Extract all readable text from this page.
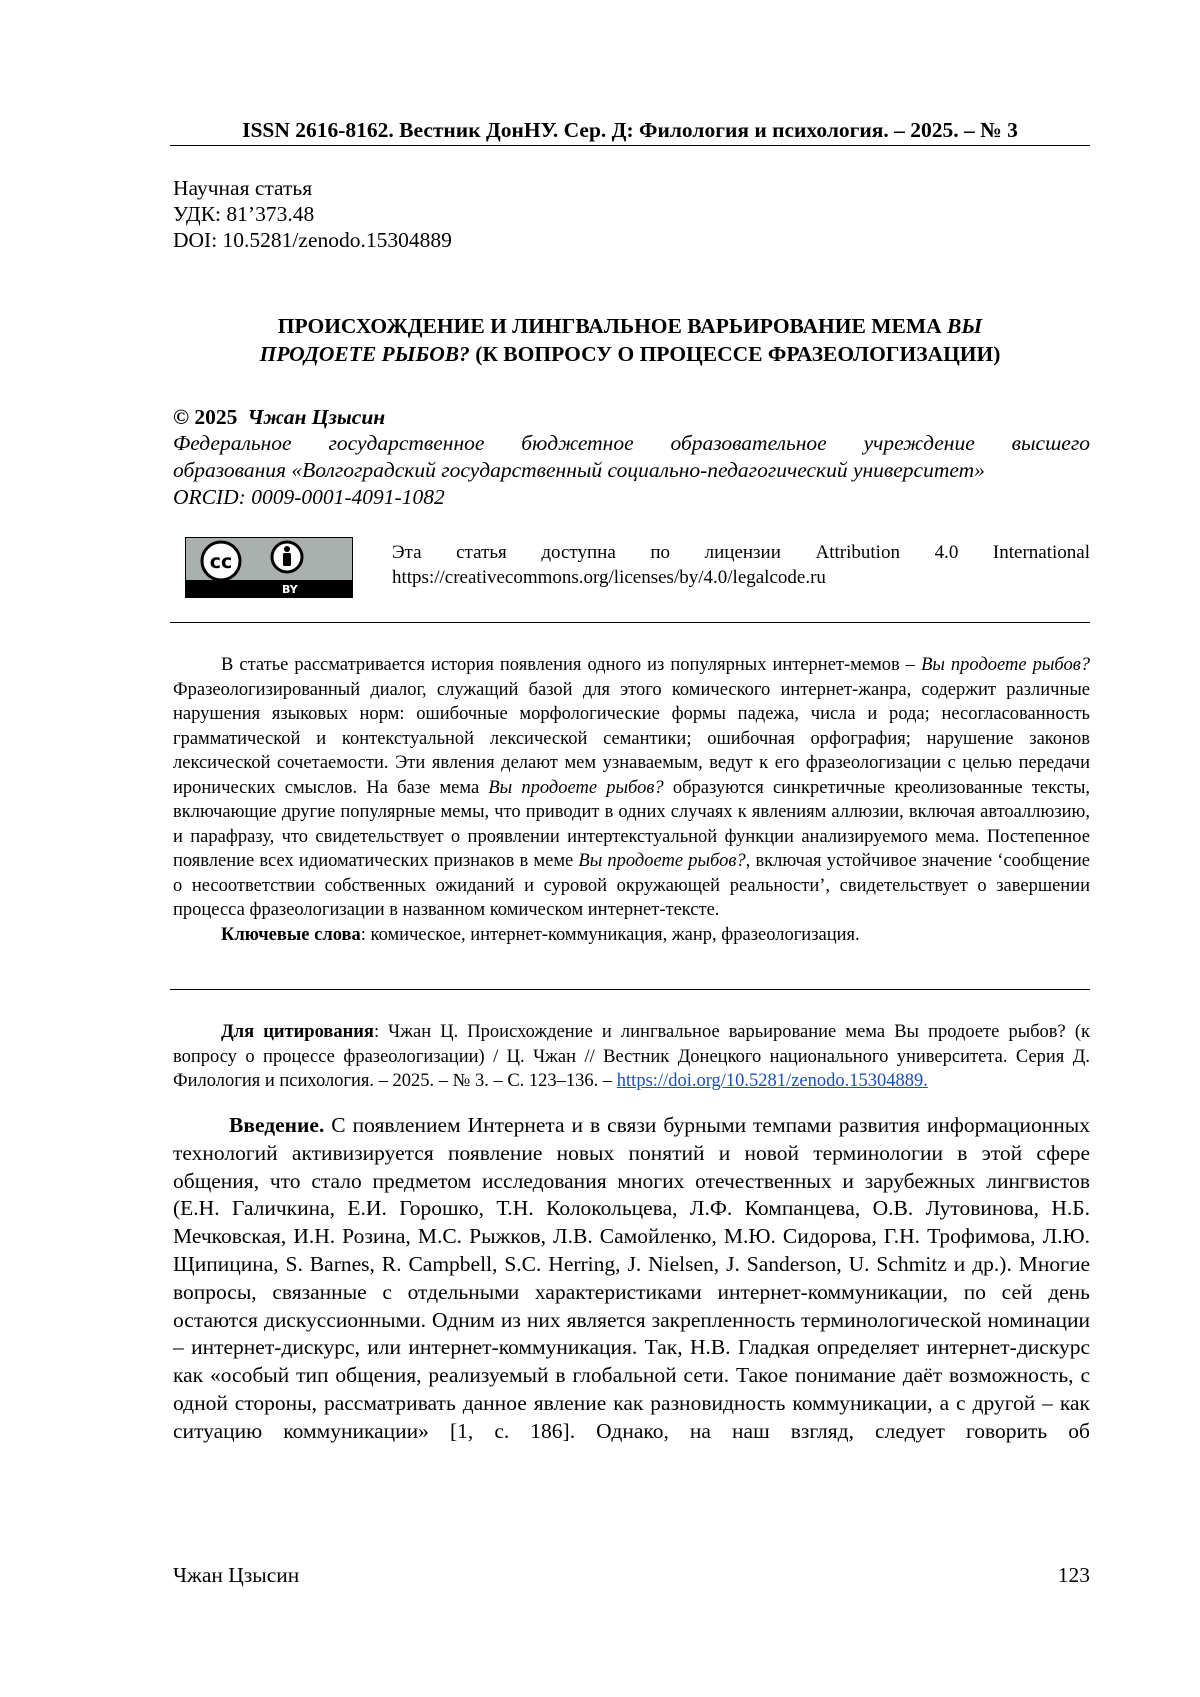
ISSN 2616-8162. Вестник ДонНУ. Сер. Д: Филология и психология. – 2025. – № 3
Научная статья
УДК: 81’373.48
DOI: 10.5281/zenodo.15304889
ПРОИСХОЖДЕНИЕ И ЛИНГВАЛЬНОЕ ВАРЬИРОВАНИЕ МЕМА ВЫ
ПРОДОЕТЕ РЫБОВ? (К ВОПРОСУ О ПРОЦЕССЕ ФРАЗЕОЛОГИЗАЦИИ)
© 2025 Чжан Цзысин
Федеральное государственное бюджетное образовательное учреждение высшего
образования «Волгоградский государственный социально-педагогический университет»
ORCID: 0009-0001-4091-1082
cc
BY
Эта статья доступна по лицензии Attribution 4.0 International
https://creativecommons.org/licenses/by/4.0/legalcode.ru

В статье рассматривается история появления одного из популярных интернет-мемов – Вы продоете рыбов? Фразеологизированный диалог, служащий базой для этого комического интернет-жанра, содержит различные нарушения языковых норм: ошибочные морфологические формы падежа, числа и рода; несогласованность грамматической и контекстуальной лексической семантики; ошибочная орфография; нарушение законов лексической сочетаемости. Эти явления делают мем узнаваемым, ведут к его фразеологизации с целью передачи иронических смыслов. На базе мема Вы продоете рыбов? образуются синкретичные креолизованные тексты, включающие другие популярные мемы, что приводит в одних случаях к явлениям аллюзии, включая автоаллюзию, и парафразу, что свидетельствует о проявлении интертекстуальной функции анализируемого мема. Постепенное появление всех идиоматических признаков в меме Вы продоете рыбов?, включая устойчивое значение ‘сообщение о несоответствии собственных ожиданий и суровой окружающей реальности’, свидетельствует о завершении процесса фразеологизации в названном комическом интернет-тексте.

Ключевые слова: комическое, интернет-коммуникация, жанр, фразеологизация.

Для цитирования: Чжан Ц. Происхождение и лингвальное варьирование мема Вы продоете рыбов? (к вопросу о процессе фразеологизации) / Ц. Чжан // Вестник Донецкого национального университета. Серия Д. Филология и психология. – 2025. – № 3. – С. 123–136. – https://doi.org/10.5281/zenodo.15304889.

Введение. С появлением Интернета и в связи бурными темпами развития информационных технологий активизируется появление новых понятий и новой терминологии в этой сфере общения, что стало предметом исследования многих отечественных и зарубежных лингвистов (Е.Н. Галичкина, Е.И. Горошко, Т.Н. Колокольцева, Л.Ф. Компанцева, О.В. Лутовинова, Н.Б. Мечковская, И.Н. Розина, М.С. Рыжков, Л.В. Самойленко, М.Ю. Сидорова, Г.Н. Трофимова, Л.Ю. Щипицина, S. Barnes, R. Campbell, S.C. Herring, J. Nielsen, J. Sanderson, U. Schmitz и др.). Многие вопросы, связанные с отдельными характеристиками интернет-коммуникации, по сей день остаются дискуссионными. Одним из них является закрепленность терминологической номинации – интернет-дискурс, или интернет-коммуникация. Так, Н.В. Гладкая определяет интернет-дискурс как «особый тип общения, реализуемый в глобальной сети. Такое понимание даёт возможность, с одной стороны, рассматривать данное явление как разновидность коммуникации, а с другой – как ситуацию коммуникации» [1, с. 186]. Однако, на наш взгляд, следует говорить об

Чжан Цзысин	123
